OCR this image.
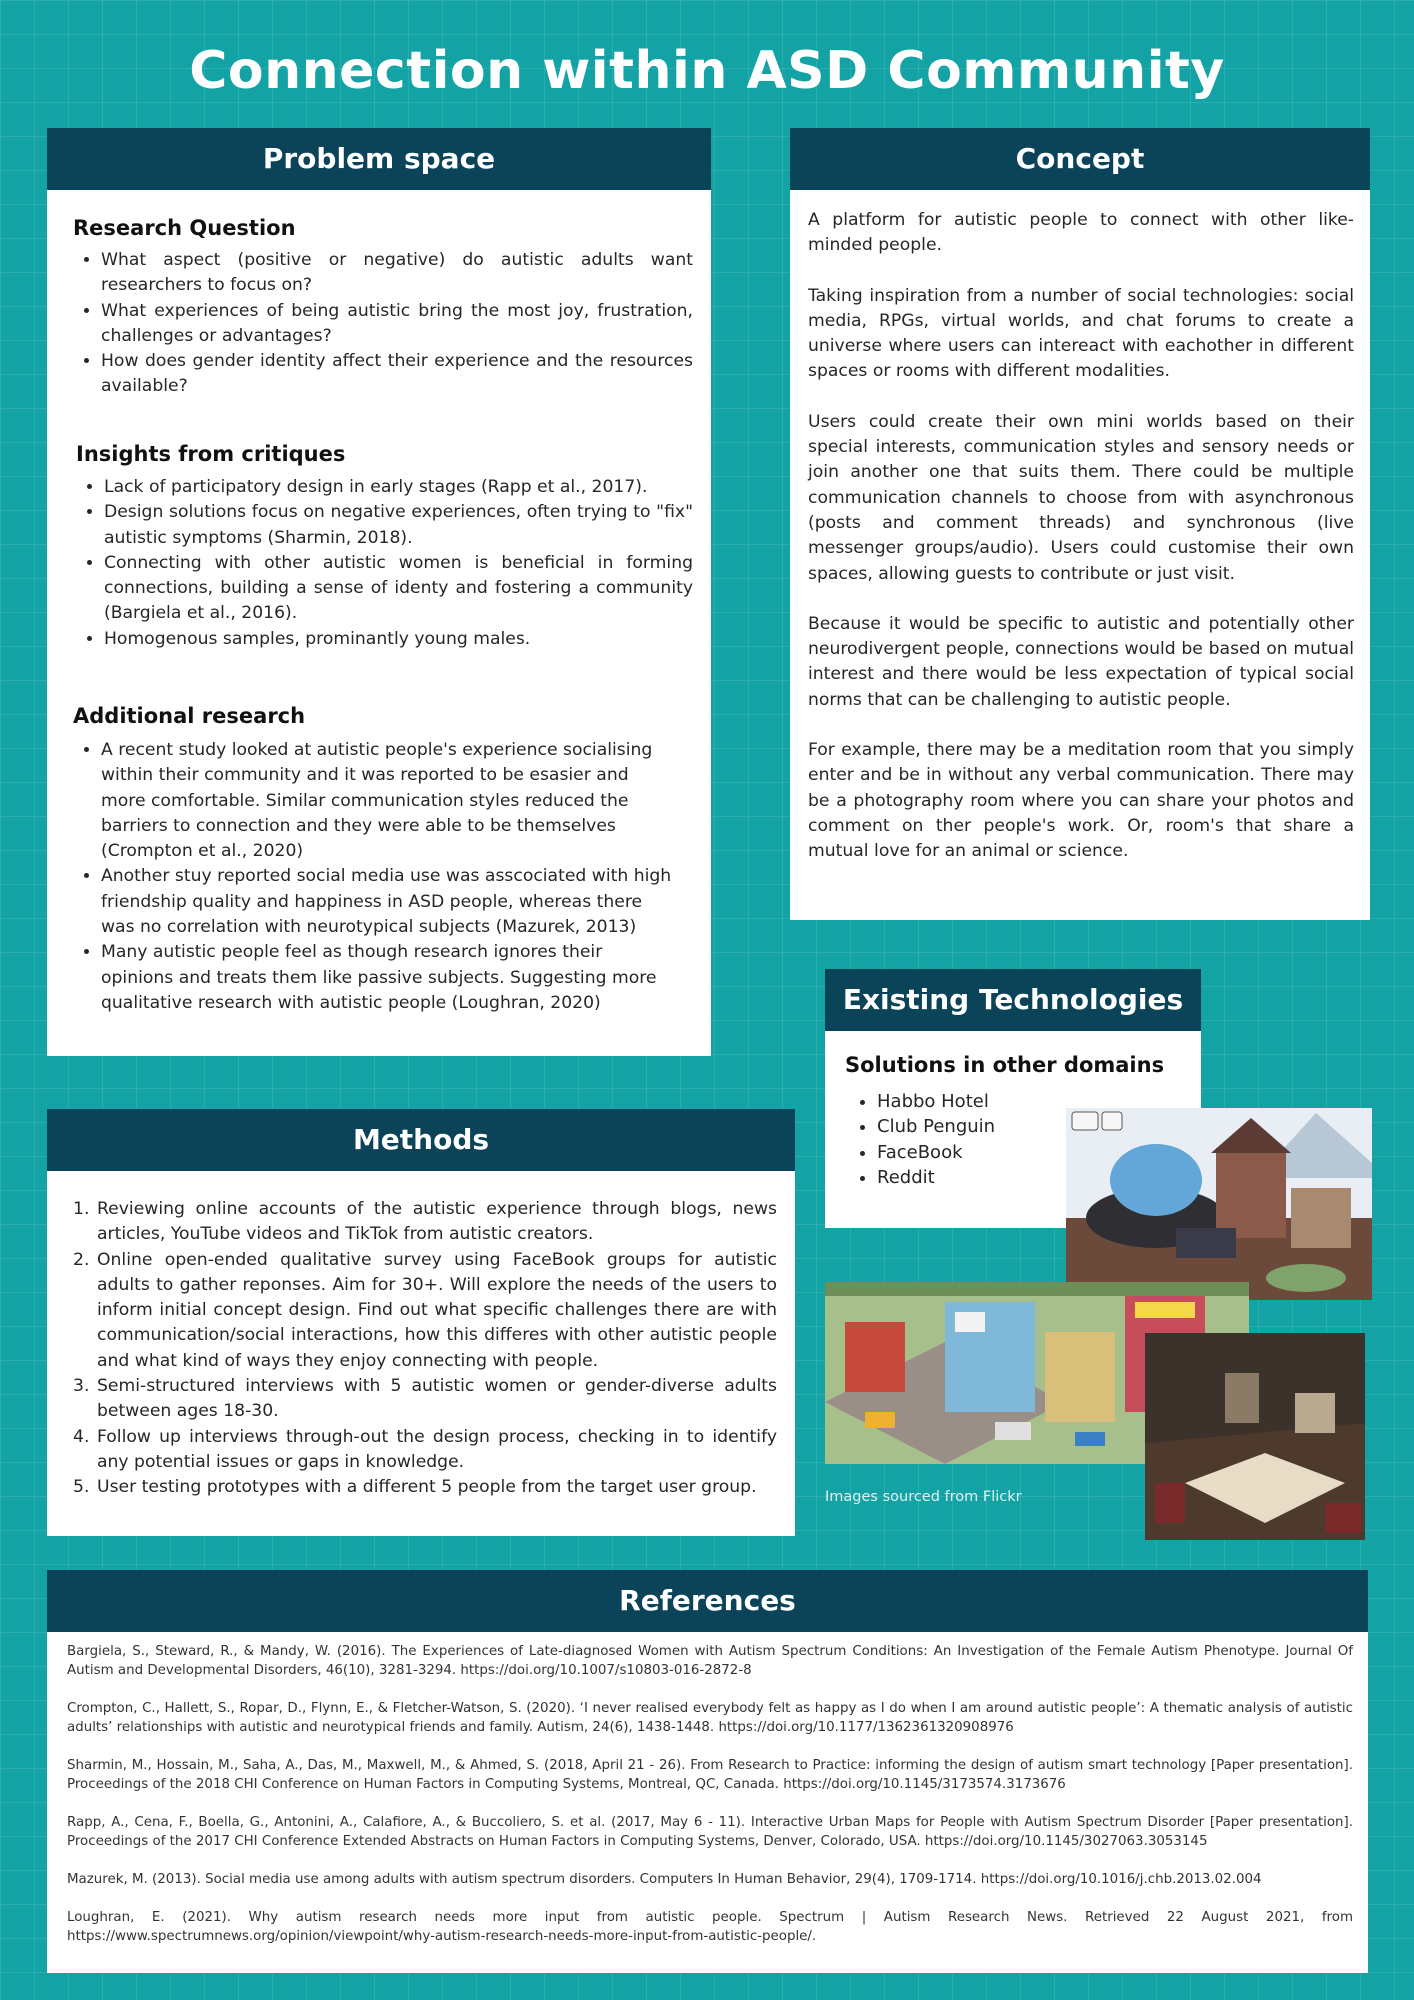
Connection within ASD Community
Problem space
Research Question
• What aspect (positive or negative) do autistic adults want researchers to focus on?
• What experiences of being autistic bring the most joy, frustration, challenges or advantages?
• How does gender identity affect their experience and the resources available?
Insights from critiques
• Lack of participatory design in early stages (Rapp et al., 2017).
• Design solutions focus on negative experiences, often trying to "fix" autistic symptoms (Sharmin, 2018).
• Connecting with other autistic women is beneficial in forming connections, building a sense of identy and fostering a community (Bargiela et al., 2016).
• Homogenous samples, prominantly young males.
Additional research
• A recent study looked at autistic people's experience socialising within their community and it was reported to be esasier and more comfortable. Similar communication styles reduced the barriers to connection and they were able to be themselves (Crompton et al., 2020)
• Another stuy reported social media use was asscociated with high friendship quality and happiness in ASD people, whereas there was no correlation with neurotypical subjects (Mazurek, 2013)
• Many autistic people feel as though research ignores their opinions and treats them like passive subjects. Suggesting more qualitative research with autistic people (Loughran, 2020)
Concept

A platform for autistic people to connect with other like-minded people.

Taking inspiration from a number of social technologies: social media, RPGs, virtual worlds, and chat forums to create a universe where users can intereact with eachother in different spaces or rooms with different modalities.

Users could create their own mini worlds based on their special interests, communication styles and sensory needs or join another one that suits them. There could be multiple communication channels to choose from with asynchronous (posts and comment threads) and synchronous (live messenger groups/audio). Users could customise their own spaces, allowing guests to contribute or just visit.

Because it would be specific to autistic and potentially other neurodivergent people, connections would be based on mutual interest and there would be less expectation of typical social norms that can be challenging to autistic people.

For example, there may be a meditation room that you simply enter and be in without any verbal communication. There may be a photography room where you can share your photos and comment on ther people's work. Or, room's that share a mutual love for an animal or science.

Existing Technologies
Solutions in other domains
• Habbo Hotel
• Club Penguin
• FaceBook
• Reddit
Images sourced from Flickr
Methods
Reviewing online accounts of the autistic experience through blogs, news articles, YouTube videos and TikTok from autistic creators.
Online open-ended qualitative survey using FaceBook groups for autistic adults to gather reponses. Aim for 30+. Will explore the needs of the users to inform initial concept design. Find out what specific challenges there are with communication/social interactions, how this differes with other autistic people and what kind of ways they enjoy connecting with people.
Semi-structured interviews with 5 autistic women or gender-diverse adults between ages 18-30.
Follow up interviews through-out the design process, checking in to identify any potential issues or gaps in knowledge.
User testing prototypes with a different 5 people from the target user group.
References

Bargiela, S., Steward, R., & Mandy, W. (2016). The Experiences of Late-diagnosed Women with Autism Spectrum Conditions: An Investigation of the Female Autism Phenotype. Journal Of Autism and Developmental Disorders, 46(10), 3281-3294. https://doi.org/10.1007/s10803-016-2872-8

Crompton, C., Hallett, S., Ropar, D., Flynn, E., & Fletcher-Watson, S. (2020). ‘I never realised everybody felt as happy as I do when I am around autistic people’: A thematic analysis of autistic adults’ relationships with autistic and neurotypical friends and family. Autism, 24(6), 1438-1448. https://doi.org/10.1177/1362361320908976

Sharmin, M., Hossain, M., Saha, A., Das, M., Maxwell, M., & Ahmed, S. (2018, April 21 - 26). From Research to Practice: informing the design of autism smart technology [Paper presentation]. Proceedings of the 2018 CHI Conference on Human Factors in Computing Systems, Montreal, QC, Canada. https://doi.org/10.1145/3173574.3173676

Rapp, A., Cena, F., Boella, G., Antonini, A., Calafiore, A., & Buccoliero, S. et al. (2017, May 6 - 11). Interactive Urban Maps for People with Autism Spectrum Disorder [Paper presentation]. Proceedings of the 2017 CHI Conference Extended Abstracts on Human Factors in Computing Systems, Denver, Colorado, USA. https://doi.org/10.1145/3027063.3053145

Mazurek, M. (2013). Social media use among adults with autism spectrum disorders. Computers In Human Behavior, 29(4), 1709-1714. https://doi.org/10.1016/j.chb.2013.02.004

Loughran, E. (2021). Why autism research needs more input from autistic people. Spectrum | Autism Research News. Retrieved 22 August 2021, from https://www.spectrumnews.org/opinion/viewpoint/why-autism-research-needs-more-input-from-autistic-people/.
